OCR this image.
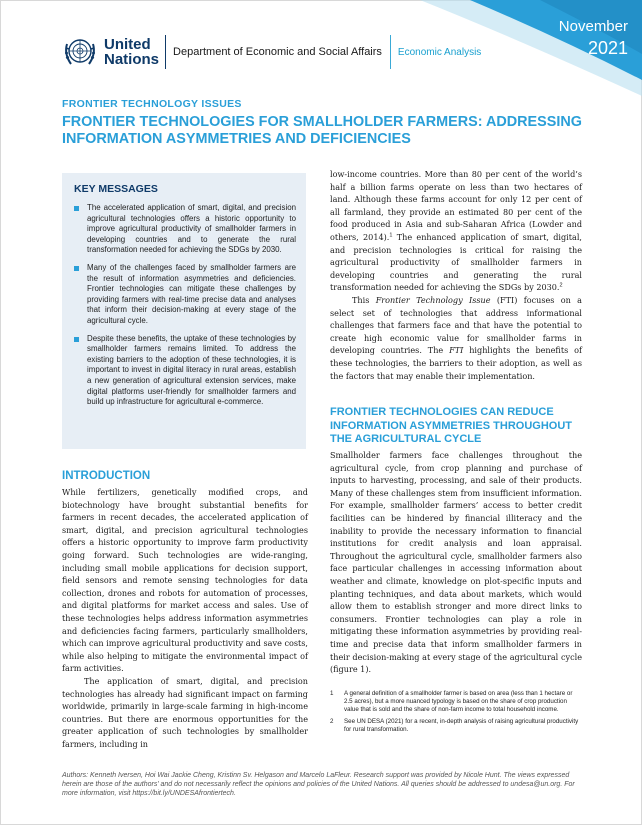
November
2021
United
Nations Department of Economic and Social Affairs Economic Analysis
FRONTIER TECHNOLOGY ISSUES
FRONTIER TECHNOLOGIES FOR SMALLHOLDER FARMERS: ADDRESSING INFORMATION ASYMMETRIES AND DEFICIENCIES
KEY MESSAGES
The accelerated application of smart, digital, and precision agricultural technologies offers a historic opportunity to improve agricultural productivity of smallholder farmers in developing countries and to generate the rural transformation needed for achieving the SDGs by 2030.
Many of the challenges faced by smallholder farmers are the result of information asymmetries and deficiencies. Frontier technologies can mitigate these challenges by providing farmers with real-time precise data and analyses that inform their decision-making at every stage of the agricultural cycle.
Despite these benefits, the uptake of these technologies by smallholder farmers remains limited. To address the existing barriers to the adoption of these technologies, it is important to invest in digital literacy in rural areas, establish a new generation of agricultural extension services, make digital platforms user-friendly for smallholder farmers and build up infrastructure for agricultural e-commerce.
INTRODUCTION

While fertilizers, genetically modified crops, and biotechnology have brought substantial benefits for farmers in recent decades, the accelerated application of smart, digital, and precision agricultural technologies offers a historic opportunity to improve farm productivity going forward. Such technologies are wide-ranging, including small mobile applications for decision support, field sensors and remote sensing technologies for data collection, drones and robots for automation of processes, and digital platforms for market access and sales. Use of these technologies helps address information asymmetries and deficiencies facing farmers, particularly smallholders, which can improve agricultural productivity and save costs, while also helping to mitigate the environmental impact of farm activities.

The application of smart, digital, and precision technologies has already had significant impact on farming worldwide, primarily in large-scale farming in high-income countries. But there are enormous opportunities for the greater application of such technologies by smallholder farmers, including in

low-income countries. More than 80 per cent of the world’s half a billion farms operate on less than two hectares of land. Although these farms account for only 12 per cent of all farmland, they provide an estimated 80 per cent of the food produced in Asia and sub-Saharan Africa (Lowder and others, 2014).$^1$ The enhanced application of smart, digital, and precision technologies is critical for raising the agricultural productivity of smallholder farmers in developing countries and generating the rural transformation needed for achieving the SDGs by 2030.$^2$

This Frontier Technology Issue (FTI) focuses on a select set of technologies that address informational challenges that farmers face and that have the potential to create high economic value for smallholder farms in developing countries. The FTI highlights the benefits of these technologies, the barriers to their adoption, as well as the factors that may enable their implementation.

FRONTIER TECHNOLOGIES CAN REDUCE INFORMATION ASYMMETRIES THROUGHOUT THE AGRICULTURAL CYCLE

Smallholder farmers face challenges throughout the agricultural cycle, from crop planning and purchase of inputs to harvesting, processing, and sale of their products. Many of these challenges stem from insufficient information. For example, smallholder farmers’ access to better credit facilities can be hindered by financial illiteracy and the inability to provide the necessary information to financial institutions for credit analysis and loan appraisal. Throughout the agricultural cycle, smallholder farmers also face particular challenges in accessing information about weather and climate, knowledge on plot-specific inputs and planting techniques, and data about markets, which would allow them to establish stronger and more direct links to consumers. Frontier technologies can play a role in mitigating these information asymmetries by providing real-time and precise data that inform smallholder farmers in their decision-making at every stage of the agricultural cycle (figure 1).

1 A general definition of a smallholder farmer is based on area (less than 1 hectare or 2.5 acres), but a more nuanced typology is based on the share of crop production value that is sold and the share of non-farm income to total household income.
2 See UN DESA (2021) for a recent, in-depth analysis of raising agricultural productivity for rural transformation.

Authors: Kenneth Iversen, Hoi Wai Jackie Cheng, Kristinn Sv. Helgason and Marcelo LaFleur. Research support was provided by Nicole Hunt. The views expressed herein are those of the authors’ and do not necessarily reflect the opinions and policies of the United Nations. All queries should be addressed to undesa@un.org. For more information, visit https://bit.ly/UNDESAfrontiertech.
